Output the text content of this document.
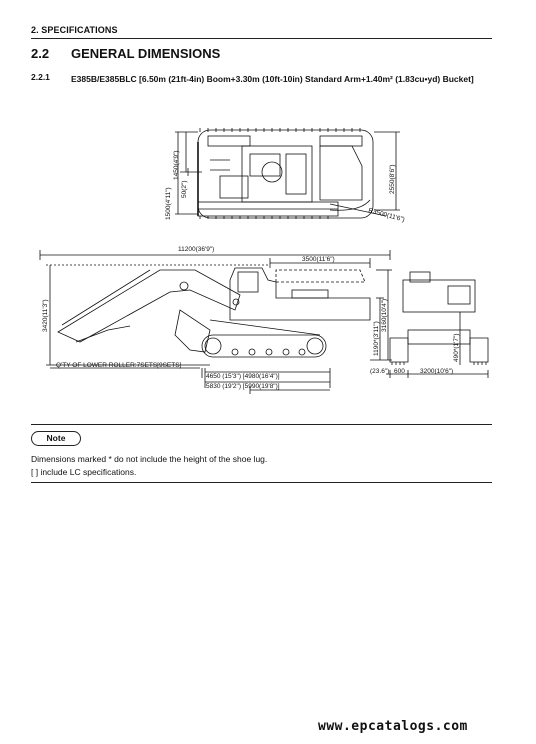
2. SPECIFICATIONS
2.2 GENERAL DIMENSIONS
2.2.1 E385B/E385BLC [6.50m (21ft-4in) Boom+3.30m (10ft-10in) Standard Arm+1.40m² (1.83cu•yd) Bucket]
1450(4'9")
1500(4'11") 50(2")	2550(8'6")
R3500(11'6")
11200(36'9")
3500(11'6")
3420(11'3")
1190*(3'11")
3160(10'4")
Q'TY OF LOWER ROLLER:7SETS[9SETS]
4650 (15'3") [4980(16'4")]
5830 (19'2") [5990(19'8")]
490*(1'7")
(23.6") 600 3200(10'6")
Note
Dimensions marked * do not include the height of the shoe lug.
[ ] include LC specifications.
www.epcatalogs.com
